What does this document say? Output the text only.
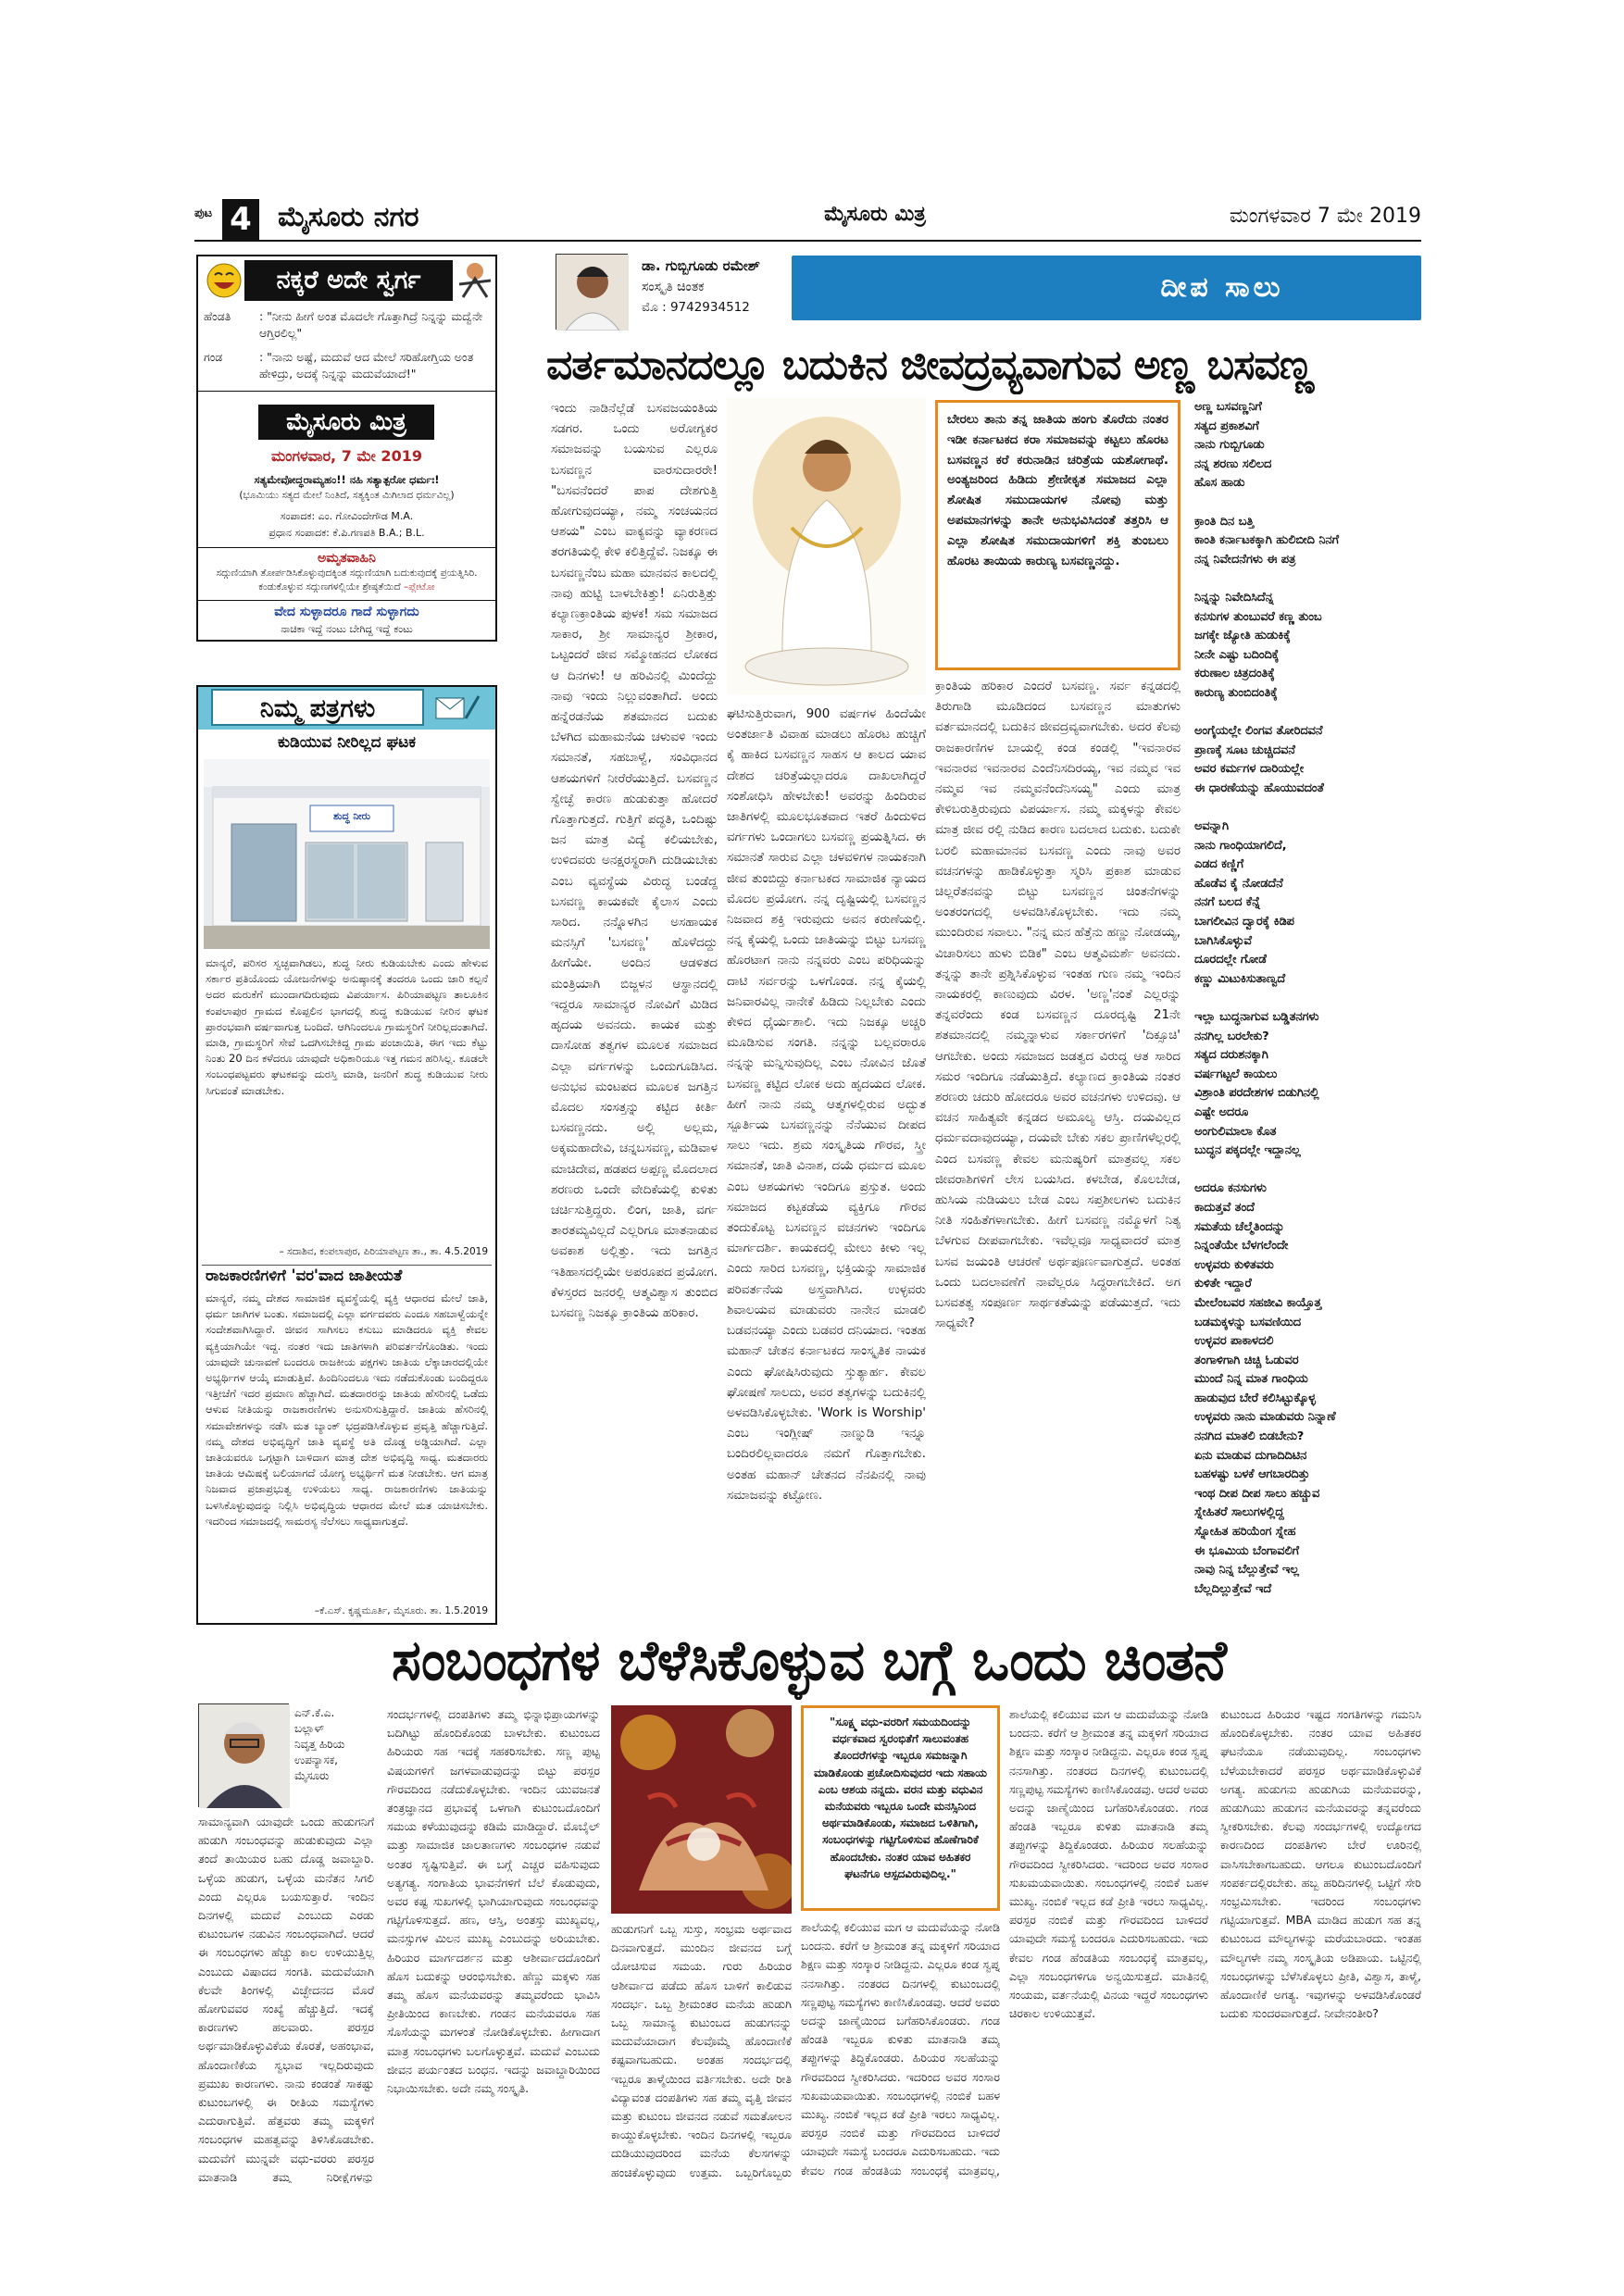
ಪುಟ 4 ಮೈಸೂರು ನಗರ	ಮೈಸೂರು ಮಿತ್ರ	ಮಂಗಳವಾರ 7 ಮೇ 2019
ನಕ್ಕರೆ ಅದೇ ಸ್ವರ್ಗ
ಹೆಂಡತಿ : "ನೀನು ಹೀಗೆ ಅಂತ ಮೊದಲೇ ಗೊತ್ತಾಗಿದ್ರೆ ನಿನ್ನನ್ನು ಮದ್ವೆನೇ ಆಗ್ತಿರಲಿಲ್ಲ"
ಗಂಡ	: "ನಾನು ಅಷ್ಟೆ, ಮದುವೆ ಆದ ಮೇಲೆ ಸರಿಹೋಗ್ತಿಯ ಅಂತ ಹೇಳಿದ್ರು, ಅದಕ್ಕೆ ನಿನ್ನನ್ನು ಮದುವೆಯಾದೆ!"
ಮೈಸೂರು ಮಿತ್ರ
ಮಂಗಳವಾರ, 7 ಮೇ 2019
ಸತ್ಯಮೇವೋದ್ಧರಾಮ್ಯಹಂ!! ನಹಿ ಸತ್ಯಾತ್ಪರೋ ಧರ್ಮಃ!
(ಭೂಮಿಯು ಸತ್ಯದ ಮೇಲೆ ನಿಂತಿದೆ, ಸತ್ಯಕ್ಕಿಂತ ಮಿಗಿಲಾದ ಧರ್ಮವಿಲ್ಲ)
ಸಂಪಾದಕ: ಎಂ. ಗೋವಿಂದೇಗೌಡ M.A.
ಪ್ರಧಾನ ಸಂಪಾದಕ: ಕೆ.ಪಿ.ಗಣಪತಿ B.A.; B.L.
ಅಮೃತವಾಹಿನಿ
ಸದ್ಗುಣಿಯಾಗಿ ತೋರ್ಪಡಿಸಿಕೊಳ್ಳುವುದಕ್ಕಿಂತ ಸದ್ಗುಣಿಯಾಗಿ ಬದುಕುವುದಕ್ಕೆ ಪ್ರಯತ್ನಿಸಿರಿ. ಕಂಡುಕೊಳ್ಳುವ ಸದ್ಗುಣಗಳಲ್ಲಿಯೇ ಶ್ರೇಷ್ಠತೆಯಿದೆ –ಪ್ಲೇಟೋ
ವೇದ ಸುಳ್ಳಾದರೂ ಗಾದೆ ಸುಳ್ಳಾಗದು
ನಾಚಿಕಾ ಇದ್ದೆ ನಂಟು ಬೇಗಿದ್ದ ಇದ್ದೆ ಕಂಟು
ನಿಮ್ಮ ಪತ್ರಗಳು
ಕುಡಿಯುವ ನೀರಿಲ್ಲದ ಘಟಕ
ಶುದ್ಧ ನೀರು
ಮಾನ್ಯರೆ, ಪರಿಸರ ಸ್ವಚ್ಛವಾಗಿಡಲು, ಶುದ್ಧ ನೀರು ಕುಡಿಯಬೇಕು ಎಂದು ಹೇಳುವ ಸರ್ಕಾರ ಪ್ರತಿಯೊಂದು ಯೋಜನೆಗಳನ್ನು ಅನುಷ್ಠಾನಕ್ಕೆ ತಂದರೂ ಒಂದು ಜಾರಿ ಕಲ್ಪನೆ ಅದರ ಮರುಕೆಗೆ ಮುಂದಾಗದಿರುವುದು ವಿಪರ್ಯಾಸ. ಪಿರಿಯಾಪಟ್ಟಣ ತಾಲೂಕಿನ ಕಂಪಲಾಪುರ ಗ್ರಾಮದ ಕೊಪ್ಪಲಿನ ಭಾಗದಲ್ಲಿ ಶುದ್ಧ ಕುಡಿಯುವ ನೀರಿನ ಘಟಕ ಪ್ರಾರಂಭವಾಗಿ ವರ್ಷವಾಗುತ್ತ ಬಂದಿದೆ. ಆಗಿನಿಂದಲೂ ಗ್ರಾಮಸ್ಥರಿಗೆ ನೀರಿಲ್ಲದಂತಾಗಿದೆ. ಮಾಡಿ, ಗ್ರಾಮಸ್ಥರಿಗೆ ಸೇವೆ ಒದಗಿಸಬೇಕಿದ್ದ ಗ್ರಾಮ ಪಂಚಾಯಿತಿ, ಈಗ ಇದು ಕೆಟ್ಟು ನಿಂತು 20 ದಿನ ಕಳೆದರೂ ಯಾವುದೇ ಅಧಿಕಾರಿಯೂ ಇತ್ತ ಗಮನ ಹರಿಸಿಲ್ಲ. ಕೂಡಲೇ ಸಂಬಂಧಪಟ್ಟವರು ಘಟಕವನ್ನು ದುರಸ್ತಿ ಮಾಡಿ, ಜನರಿಗೆ ಶುದ್ಧ ಕುಡಿಯುವ ನೀರು ಸಿಗುವಂತೆ ಮಾಡಬೇಕು.
– ಸದಾಶಿವ, ಕಂಪಲಾಪುರ, ಪಿರಿಯಾಪಟ್ಟಣ ತಾ., ತಾ. 4.5.2019
ರಾಜಕಾರಣಿಗಳಿಗೆ 'ವರ'ವಾದ ಜಾತೀಯತೆ
ಮಾನ್ಯರೆ, ನಮ್ಮ ದೇಶದ ಸಾಮಾಜಿಕ ವ್ಯವಸ್ಥೆಯಲ್ಲಿ ವ್ಯಕ್ತಿ ಆಧಾರದ ಮೇಲೆ ಜಾತಿ, ಧರ್ಮ ಜಾಗಿಗಳ ಬಂತು. ಸಮಾಜದಲ್ಲಿ ಎಲ್ಲಾ ವರ್ಗದವರು ಎಂದೂ ಸಹಬಾಳ್ವೆಯನ್ನೇ ಸಂದೇಶವಾಗಿಸಿದ್ದಾರೆ. ಜೀವನ ಸಾಗಿಸಲು ಕಸುಬು ಮಾಡಿದರೂ ವ್ಯಕ್ತಿ ಕೇವಲ ವ್ಯಕ್ತಿಯಾಗಿಯೇ ಇದ್ದ. ನಂತರ ಇದು ಜಾತಿಗಳಾಗಿ ಪರಿವರ್ತನೆಗೊಂಡಿತು. ಇಂದು ಯಾವುದೇ ಚುನಾವಣೆ ಬಂದರೂ ರಾಜಕೀಯ ಪಕ್ಷಗಳು ಜಾತಿಯ ಲೆಕ್ಕಾಚಾರದಲ್ಲಿಯೇ ಅಭ್ಯರ್ಥಿಗಳ ಆಯ್ಕೆ ಮಾಡುತ್ತಿವೆ. ಹಿಂದಿನಿಂದಲೂ ಇದು ನಡೆದುಕೊಂಡು ಬಂದಿದ್ದರೂ ಇತ್ತೀಚೆಗೆ ಇದರ ಪ್ರಮಾಣ ಹೆಚ್ಚಾಗಿದೆ. ಮತದಾರರನ್ನು ಜಾತಿಯ ಹೆಸರಿನಲ್ಲಿ ಒಡೆದು ಆಳುವ ನೀತಿಯನ್ನು ರಾಜಕಾರಣಿಗಳು ಅನುಸರಿಸುತ್ತಿದ್ದಾರೆ. ಜಾತಿಯ ಹೆಸರಿನಲ್ಲಿ ಸಮಾವೇಶಗಳನ್ನು ನಡೆಸಿ ಮತ ಬ್ಯಾಂಕ್ ಭದ್ರಪಡಿಸಿಕೊಳ್ಳುವ ಪ್ರವೃತ್ತಿ ಹೆಚ್ಚಾಗುತ್ತಿದೆ. ನಮ್ಮ ದೇಶದ ಅಭಿವೃದ್ಧಿಗೆ ಜಾತಿ ವ್ಯವಸ್ಥೆ ಅತಿ ದೊಡ್ಡ ಅಡ್ಡಿಯಾಗಿದೆ. ಎಲ್ಲಾ ಜಾತಿಯವರೂ ಒಗ್ಗಟ್ಟಾಗಿ ಬಾಳಿದಾಗ ಮಾತ್ರ ದೇಶ ಅಭಿವೃದ್ಧಿ ಸಾಧ್ಯ. ಮತದಾರರು ಜಾತಿಯ ಆಮಿಷಕ್ಕೆ ಬಲಿಯಾಗದೆ ಯೋಗ್ಯ ಅಭ್ಯರ್ಥಿಗೆ ಮತ ನೀಡಬೇಕು. ಆಗ ಮಾತ್ರ ನಿಜವಾದ ಪ್ರಜಾಪ್ರಭುತ್ವ ಉಳಿಯಲು ಸಾಧ್ಯ. ರಾಜಕಾರಣಿಗಳು ಜಾತಿಯನ್ನು ಬಳಸಿಕೊಳ್ಳುವುದನ್ನು ನಿಲ್ಲಿಸಿ ಅಭಿವೃದ್ಧಿಯ ಆಧಾರದ ಮೇಲೆ ಮತ ಯಾಚಿಸಬೇಕು. ಇದರಿಂದ ಸಮಾಜದಲ್ಲಿ ಸಾಮರಸ್ಯ ನೆಲೆಸಲು ಸಾಧ್ಯವಾಗುತ್ತದೆ.
–ಕೆ.ಎಸ್. ಕೃಷ್ಣಮೂರ್ತಿ, ಮೈಸೂರು. ತಾ. 1.5.2019
ಡಾ. ಗುಬ್ಬಿಗೂಡು ರಮೇಶ್
ಸಂಸ್ಕೃತಿ ಚಿಂತಕ
ಮೊ : 9742934512
ದೀಪ ಸಾಲು
ವರ್ತಮಾನದಲ್ಲೂ ಬದುಕಿನ ಜೀವದ್ರವ್ಯವಾಗುವ ಅಣ್ಣ ಬಸವಣ್ಣ
ಇಂದು ನಾಡಿನೆಲ್ಲೆಡೆ ಬಸವಜಯಂತಿಯ ಸಡಗರ. ಒಂದು ಅರೋಗ್ಯಕರ ಸಮಾಜವನ್ನು ಬಯಸುವ ಎಲ್ಲರೂ ಬಸವಣ್ಣನ ವಾರಸುದಾರರೇ! "ಬಸವನೆಂದರೆ ಪಾಪ ದೇಶಗುತ್ತಿ ಹೋಗುವುದಯ್ಯಾ, ನಮ್ಮ ಸಂಚಯನದ ಆಶಯ" ಎಂಬ ವಾಕ್ಯವನ್ನು ವ್ಯಾಕರಣದ ತರಗತಿಯಲ್ಲಿ ಕೇಳಿ ಕಲಿತ್ತಿದ್ದೆವೆ. ನಿಜಕ್ಕೂ ಈ ಬಸವಣ್ಣನೆಂಬ ಮಹಾ ಮಾನವನ ಕಾಲದಲ್ಲಿ ನಾವು ಹುಟ್ಟಿ ಬಾಳಬೇಕಿತ್ತು! ಏನಿರುತ್ತಿತ್ತು ಕಲ್ಯಾಣಕ್ರಾಂತಿಯ ಪುಳಕ! ಸಮ ಸಮಾಜದ ಸಾಕಾರ, ಶ್ರೀ ಸಾಮಾನ್ಯರ ಶ್ರೀಕಾರ, ಒಟ್ಟಂದರೆ ಜೀವ ಸಮ್ಮೋಹನದ ಲೋಕದ ಆ ದಿನಗಳು! ಆ ಹರಿವಿನಲ್ಲಿ ಮಿಂದೆದ್ದು ನಾವು ಇಂದು ನಿಲ್ಲುವಂತಾಗಿದೆ. ಅಂದು ಹನ್ನೆರಡನೆಯ ಶತಮಾನದ ಬದುಕು ಬೆಳಗಿದ ಮಹಾಮನೆಯ ಚಳುವಳಿ ಇಂದು ಸಮಾನತೆ, ಸಹಬಾಳ್ವೆ, ಸಂವಿಧಾನದ ಆಶಯಗಳಿಗೆ ನೀರೆರೆಯುತ್ತಿದೆ. ಬಸವಣ್ಣನ ಸ್ವೇಚ್ಛೆ ಕಾರಣ ಹುಡುಕುತ್ತಾ ಹೋದರೆ ಗೊತ್ತಾಗುತ್ತದೆ. ಗುತ್ತಿಗೆ ಪದ್ಧತಿ, ಒಂದಿಷ್ಟು ಜನ ಮಾತ್ರ ವಿದ್ಯೆ ಕಲಿಯಬೇಕು, ಉಳಿದವರು ಅನಕ್ಷರಸ್ಥರಾಗಿ ದುಡಿಯಬೇಕು ಎಂಬ ವ್ಯವಸ್ಥೆಯ ವಿರುದ್ಧ ಬಂಡೆದ್ದ ಬಸವಣ್ಣ ಕಾಯಕವೇ ಕೈಲಾಸ ಎಂದು ಸಾರಿದ. ನನ್ನೊಳಗಿನ ಅಸಹಾಯಕ ಮನಸ್ಸಿಗೆ 'ಬಸವಣ್ಣ' ಹೊಳೆದದ್ದು ಹೀಗೆಯೇ. ಅಂದಿನ ಆಡಳಿತದ ಮಂತ್ರಿಯಾಗಿ ಬಿಜ್ಜಳನ ಆಸ್ಥಾನದಲ್ಲಿ ಇದ್ದರೂ ಸಾಮಾನ್ಯರ ನೋವಿಗೆ ಮಿಡಿದ ಹೃದಯ ಅವನದು. ಕಾಯಕ ಮತ್ತು ದಾಸೋಹ ತತ್ವಗಳ ಮೂಲಕ ಸಮಾಜದ ಎಲ್ಲಾ ವರ್ಗಗಳನ್ನು ಒಂದುಗೂಡಿಸಿದ. ಅನುಭವ ಮಂಟಪದ ಮೂಲಕ ಜಗತ್ತಿನ ಮೊದಲ ಸಂಸತ್ತನ್ನು ಕಟ್ಟಿದ ಕೀರ್ತಿ ಬಸವಣ್ಣನದು. ಅಲ್ಲಿ ಅಲ್ಲಮ, ಅಕ್ಕಮಹಾದೇವಿ, ಚನ್ನಬಸವಣ್ಣ, ಮಡಿವಾಳ ಮಾಚಿದೇವ, ಹಡಪದ ಅಪ್ಪಣ್ಣ ಮೊದಲಾದ ಶರಣರು ಒಂದೇ ವೇದಿಕೆಯಲ್ಲಿ ಕುಳಿತು ಚರ್ಚಿಸುತ್ತಿದ್ದರು. ಲಿಂಗ, ಜಾತಿ, ವರ್ಗ ತಾರತಮ್ಯವಿಲ್ಲದೆ ಎಲ್ಲರಿಗೂ ಮಾತನಾಡುವ ಅವಕಾಶ ಅಲ್ಲಿತ್ತು. ಇದು ಜಗತ್ತಿನ ಇತಿಹಾಸದಲ್ಲಿಯೇ ಅಪರೂಪದ ಪ್ರಯೋಗ. ಕೆಳಸ್ತರದ ಜನರಲ್ಲಿ ಆತ್ಮವಿಶ್ವಾಸ ತುಂಬಿದ ಬಸವಣ್ಣ ನಿಜಕ್ಕೂ ಕ್ರಾಂತಿಯ ಹರಿಕಾರ.
ಘಟಿಸುತ್ತಿರುವಾಗ, 900 ವರ್ಷಗಳ ಹಿಂದೆಯೇ ಅಂತರ್ಜಾತಿ ವಿವಾಹ ಮಾಡಲು ಹೊರಟ ಹುಚ್ಚಿಗೆ ಕೈ ಹಾಕಿದ ಬಸವಣ್ಣನ ಸಾಹಸ ಆ ಕಾಲದ ಯಾವ ದೇಶದ ಚರಿತ್ರೆಯಲ್ಲಾದರೂ ದಾಖಲಾಗಿದ್ದರೆ ಸಂಶೋಧಿಸಿ ಹೇಳಬೇಕು! ಅವರನ್ನು ಹಿಂದಿರುವ ಜಾತಿಗಳಲ್ಲಿ ಮೂಲಭೂತವಾದ ಇತರೆ ಹಿಂದುಳಿದ ವರ್ಗಗಳು ಒಂದಾಗಲು ಬಸವಣ್ಣ ಪ್ರಯತ್ನಿಸಿದ. ಈ ಸಮಾನತೆ ಸಾರುವ ಎಲ್ಲಾ ಚಳವಳಿಗಳ ನಾಯಕನಾಗಿ ಜೀವ ತುಂಬಿದ್ದು ಕರ್ನಾಟಕದ ಸಾಮಾಜಿಕ ನ್ಯಾಯದ ಮೊದಲ ಪ್ರಯೋಗ. ನನ್ನ ದೃಷ್ಟಿಯಲ್ಲಿ ಬಸವಣ್ಣನ ನಿಜವಾದ ಶಕ್ತಿ ಇರುವುದು ಅವನ ಕರುಣೆಯಲ್ಲಿ. ನನ್ನ ಕೈಯಲ್ಲಿ ಒಂದು ಜಾತಿಯನ್ನು ಬಿಟ್ಟು ಬಸವಣ್ಣ ಹೊರಟಾಗ ನಾನು ನನ್ನವರು ಎಂಬ ಪರಿಧಿಯನ್ನು ದಾಟಿ ಸರ್ವರನ್ನು ಒಳಗೊಂಡ. ನನ್ನ ಕೈಯಲ್ಲಿ ಜನಿವಾರವಿಲ್ಲ ನಾನೇಕೆ ಹಿಡಿದು ನಿಲ್ಲಬೇಕು ಎಂದು ಕೇಳಿದ ಧೈರ್ಯಶಾಲಿ. ಇದು ನಿಜಕ್ಕೂ ಅಚ್ಚರಿ ಮೂಡಿಸುವ ಸಂಗತಿ. ನನ್ನನ್ನು ಬಲ್ಲವರಾರೂ ನನ್ನನ್ನು ಮನ್ನಿಸುವುದಿಲ್ಲ ಎಂಬ ನೋವಿನ ಜೊತೆ ಬಸವಣ್ಣ ಕಟ್ಟಿದ ಲೋಕ ಅದು ಹೃದಯದ ಲೋಕ. ಹೀಗೆ ನಾನು ನಮ್ಮ ಆತ್ಮಗಳಲ್ಲಿರುವ ಅದ್ಭುತ ಸ್ಪೂರ್ತಿಯ ಬಸವಣ್ಣನನ್ನು ನೆನೆಯುವ ದೀಪದ ಸಾಲು ಇದು. ಶ್ರಮ ಸಂಸ್ಕೃತಿಯ ಗೌರವ, ಸ್ತ್ರೀ ಸಮಾನತೆ, ಜಾತಿ ವಿನಾಶ, ದಯೆ ಧರ್ಮದ ಮೂಲ ಎಂಬ ಆಶಯಗಳು ಇಂದಿಗೂ ಪ್ರಸ್ತುತ. ಅಂದು ಸಮಾಜದ ಕಟ್ಟಕಡೆಯ ವ್ಯಕ್ತಿಗೂ ಗೌರವ ತಂದುಕೊಟ್ಟ ಬಸವಣ್ಣನ ವಚನಗಳು ಇಂದಿಗೂ ಮಾರ್ಗದರ್ಶಿ. ಕಾಯಕದಲ್ಲಿ ಮೇಲು ಕೀಳು ಇಲ್ಲ ಎಂದು ಸಾರಿದ ಬಸವಣ್ಣ, ಭಕ್ತಿಯನ್ನು ಸಾಮಾಜಿಕ ಪರಿವರ್ತನೆಯ ಅಸ್ತ್ರವಾಗಿಸಿದ. ಉಳ್ಳವರು ಶಿವಾಲಯವ ಮಾಡುವರು ನಾನೇನ ಮಾಡಲಿ ಬಡವನಯ್ಯಾ ಎಂದು ಬಡವರ ದನಿಯಾದ. ಇಂತಹ ಮಹಾನ್ ಚೇತನ ಕರ್ನಾಟಕದ ಸಾಂಸ್ಕೃತಿಕ ನಾಯಕ ಎಂದು ಘೋಷಿಸಿರುವುದು ಸ್ತುತ್ಯಾರ್ಹ. ಕೇವಲ ಘೋಷಣೆ ಸಾಲದು, ಅವರ ತತ್ವಗಳನ್ನು ಬದುಕಿನಲ್ಲಿ ಅಳವಡಿಸಿಕೊಳ್ಳಬೇಕು. 'Work is Worship' ಎಂಬ ಇಂಗ್ಲೀಷ್ ನಾಣ್ನುಡಿ ಇನ್ನೂ ಬಂದಿರಲಿಲ್ಲವಾದರೂ ನಮಗೆ ಗೊತ್ತಾಗಬೇಕು. ಅಂತಹ ಮಹಾನ್ ಚೇತನದ ನೆನಪಿನಲ್ಲಿ ನಾವು ಸಮಾಜವನ್ನು ಕಟ್ಟೋಣ.
ಬೇರಲು ತಾನು ತನ್ನ ಜಾತಿಯ ಹಂಗು ತೊರೆದು ನಂತರ ಇಡೀ ಕರ್ನಾಟಕದ ಕರಾ ಸಮಾಜವನ್ನು ಕಟ್ಟಲು ಹೊರಟ ಬಸವಣ್ಣನ ಕರೆ ಕರುನಾಡಿನ ಚರಿತ್ರೆಯ ಯಶೋಗಾಥೆ. ಅಂತ್ಯಜರಿಂದ ಹಿಡಿದು ಶ್ರೇಣೀಕೃತ ಸಮಾಜದ ಎಲ್ಲಾ ಶೋಷಿತ ಸಮುದಾಯಗಳ ನೋವು ಮತ್ತು ಅಪಮಾನಗಳನ್ನು ತಾನೇ ಅನುಭವಿಸಿದಂತೆ ತತ್ತರಿಸಿ ಆ ಎಲ್ಲಾ ಶೋಷಿತ ಸಮುದಾಯಗಳಿಗೆ ಶಕ್ತಿ ತುಂಬಲು ಹೊರಟ ತಾಯಿಯ ಕಾರುಣ್ಯ ಬಸವಣ್ಣನದ್ದು.
ಕ್ರಾಂತಿಯ ಹರಿಕಾರ ಎಂದರೆ ಬಸವಣ್ಣ. ಸರ್ವ ಕನ್ನಡದಲ್ಲಿ ತಿರುಗಾಡಿ ಮೂಡಿದಂದ ಬಸವಣ್ಣನ ಮಾತುಗಳು ವರ್ತಮಾನದಲ್ಲಿ ಬದುಕಿನ ಜೀವದ್ರವ್ಯವಾಗಬೇಕು. ಅದರ ಕೆಲವು ರಾಜಕಾರಣಿಗಳ ಬಾಯಲ್ಲಿ ಕಂಡ ಕಂಡಲ್ಲಿ "ಇವನಾರವ ಇವನಾರವ ಇವನಾರವ ಎಂದೆನಿಸದಿರಯ್ಯ, ಇವ ನಮ್ಮವ ಇವ ನಮ್ಮವ ಇವ ನಮ್ಮವನೆಂದೆನಿಸಯ್ಯ" ಎಂದು ಮಾತ್ರ ಕೇಳಿಬರುತ್ತಿರುವುದು ವಿಪರ್ಯಾಸ. ನಮ್ಮ ಮಕ್ಕಳನ್ನು ಕೇವಲ ಮಾತ್ರ ಜೀವ ರಲ್ಲಿ ನುಡಿದ ಕಾರಣ ಬದಲಾದ ಬದುಕು. ಬದುಕೇ ಬರಲಿ ಮಹಾಮಾನವ ಬಸವಣ್ಣ ಎಂದು ನಾವು ಅವರ ವಚನಗಳನ್ನು ಹಾಡಿಕೊಳ್ಳುತ್ತಾ ಸ್ಮರಿಸಿ ಪ್ರಕಾಶ ಮಾಡುವ ಚಿಲ್ಲರೆತನವನ್ನು ಬಿಟ್ಟು ಬಸವಣ್ಣನ ಚಿಂತನೆಗಳನ್ನು ಅಂತರಂಗದಲ್ಲಿ ಅಳವಡಿಸಿಕೊಳ್ಳಬೇಕು. ಇದು ನಮ್ಮ ಮುಂದಿರುವ ಸವಾಲು. "ನನ್ನ ಮನ ಹೆತ್ತೆನು ಹಣ್ಣು ನೋಡಯ್ಯ, ವಿಚಾರಿಸಲು ಹುಳು ಬಿಡಿಕ" ಎಂಬ ಆತ್ಮವಿಮರ್ಶೆ ಅವನದು. ತನ್ನನ್ನು ತಾನೇ ಪ್ರಶ್ನಿಸಿಕೊಳ್ಳುವ ಇಂತಹ ಗುಣ ನಮ್ಮ ಇಂದಿನ ನಾಯಕರಲ್ಲಿ ಕಾಣುವುದು ವಿರಳ. 'ಅಣ್ಣ'ನಂತೆ ಎಲ್ಲರನ್ನು ತನ್ನವರೆಂದು ಕಂಡ ಬಸವಣ್ಣನ ದೂರದೃಷ್ಟಿ 21ನೇ ಶತಮಾನದಲ್ಲಿ ನಮ್ಮನ್ನಾಳುವ ಸರ್ಕಾರಗಳಿಗೆ 'ದಿಕ್ಸೂಚಿ' ಆಗಬೇಕು. ಅಂದು ಸಮಾಜದ ಜಡತ್ವದ ವಿರುದ್ಧ ಆತ ಸಾರಿದ ಸಮರ ಇಂದಿಗೂ ನಡೆಯುತ್ತಿದೆ. ಕಲ್ಯಾಣದ ಕ್ರಾಂತಿಯ ನಂತರ ಶರಣರು ಚದುರಿ ಹೋದರೂ ಅವರ ವಚನಗಳು ಉಳಿದವು. ಆ ವಚನ ಸಾಹಿತ್ಯವೇ ಕನ್ನಡದ ಅಮೂಲ್ಯ ಆಸ್ತಿ. ದಯವಿಲ್ಲದ ಧರ್ಮವದಾವುದಯ್ಯಾ, ದಯವೇ ಬೇಕು ಸಕಲ ಪ್ರಾಣಿಗಳೆಲ್ಲರಲ್ಲಿ ಎಂದ ಬಸವಣ್ಣ ಕೇವಲ ಮನುಷ್ಯರಿಗೆ ಮಾತ್ರವಲ್ಲ ಸಕಲ ಜೀವರಾಶಿಗಳಿಗೆ ಲೇಸ ಬಯಸಿದ. ಕಳಬೇಡ, ಕೊಲಬೇಡ, ಹುಸಿಯ ನುಡಿಯಲು ಬೇಡ ಎಂಬ ಸಪ್ತಶೀಲಗಳು ಬದುಕಿನ ನೀತಿ ಸಂಹಿತೆಗಳಾಗಬೇಕು. ಹೀಗೆ ಬಸವಣ್ಣ ನಮ್ಮೊಳಗೆ ನಿತ್ಯ ಬೆಳಗುವ ದೀಪವಾಗಬೇಕು. ಇವೆಲ್ಲವೂ ಸಾಧ್ಯವಾದರೆ ಮಾತ್ರ ಬಸವ ಜಯಂತಿ ಆಚರಣೆ ಅರ್ಥಪೂರ್ಣವಾಗುತ್ತದೆ. ಅಂತಹ ಒಂದು ಬದಲಾವಣೆಗೆ ನಾವೆಲ್ಲರೂ ಸಿದ್ಧರಾಗಬೇಕಿದೆ. ಅಗ ಬಸವತತ್ವ ಸಂಪೂರ್ಣ ಸಾರ್ಥಕತೆಯನ್ನು ಪಡೆಯುತ್ತದೆ. ಇದು ಸಾಧ್ಯವೇ?
ಅಣ್ಣ ಬಸವಣ್ಣನಿಗೆ
ಸತ್ಯದ ಪ್ರಕಾಶವಿಗೆ
ನಾನು ಗುಬ್ಬಿಗೂಡು
ನನ್ನ ಶರಣು ಸಲಿಲದ
ಹೊಸ ಹಾಡು

ಕ್ರಾಂತಿ ದಿನ ಬತ್ತಿ
ಕಾಂತಿ ಕರ್ನಾಟಕಕ್ಕಾಗಿ ಹುಲಿಬೀದಿ ನಿನಗೆ
ನನ್ನ ನಿವೇದನೆಗಳು ಈ ಪತ್ರ

ನಿನ್ನನ್ನು ನಿವೇದಿಸಿದೆನ್ನ
ಕನಸುಗಳ ತುಂಬುವರೆ ಕಣ್ಣ ತುಂಬ
ಜಗಕ್ಕೇ ಜ್ಯೋತಿ ಹುಡುಕಿಕ್ಕೆ
ನೀನೇ ಎಷ್ಟು ಬದಿಂದಿಕ್ಕೆ
ಕರುಣಾಲ ಚಿತ್ರದಂತಿಕ್ಕೆ
ಕಾರುಣ್ಯ ತುಂಬಿದಂತಿಕ್ಕೆ

ಅಂಗೈಯಲ್ಲೇ ಲಿಂಗವ ತೋರಿದವನೆ
ಪ್ರಾಣಕ್ಕೆ ಸೂಟ ಚುಚ್ಚಿದವನೆ
ಅವರ ಕರ್ಮಗಳ ದಾರಿಯಲ್ಲೇ
ಈ ಧಾರಣೆಯನ್ನು ಹೊಯುವದಂತೆ

ಅವನ್ನಾಗಿ
ನಾನು ಗಾಂಧಿಯಾಗಲಿದೆ,
ಎಡದ ಕಣ್ಣಿಗೆ
ಹೊಡೆವ ಕೈ ನೋಡದೆನೆ
ನನಗೆ ಬಲದ ಕೆನ್ನೆ
ಬಾಗಲೀವಿನ ದ್ವಾರಕ್ಕೆ ಕಿಡಿಪ
ಬಾಗಿಸಿಕೊಳ್ಳುವೆ
ದೂರದಲ್ಲೇ ಗೋಡೆ
ಕಣ್ಣು ಮಿಟುಕಿಸುತಾಣ್ವದೆ

ಇಲ್ಲಾ ಬುದ್ಧನಾಗುವ ಬಡ್ಡಿತನಗಳು
ನನಗಿಲ್ಲ ಬರಲೇಕು?
ಸತ್ಯದ ದರುಶನಕ್ಕಾಗಿ
ವರ್ಷಗಟ್ಟಲೆ ಕಾಯಲು
ವಿಶ್ರಾಂತಿ ಪರದೇಶಗಳ ಬಿಡುಗಿನಲ್ಲಿ
ಎಷ್ಟೇ ಅದರೂ
ಅಂಗುಲಿಮಾಲಾ ಕೊತ
ಬುದ್ಧನ ಪಕ್ಕದಲ್ಲೇ ಇದ್ದಾನಲ್ಲ

ಅದರೂ ಕನಸುಗಳು
ಕಾದುತ್ತವೆ ತಂದೆ
ಸಮತೆಯ ಚೆಲ್ಮೆತಿಂದನ್ನು
ನಿನ್ನಂತೆಯೇ ಬೆಳಗಲೆಂದೇ
ಉಳ್ಳವರು ಕುಳಿತವರು
ಕುಳಿತೇ ಇದ್ದಾರೆ
ಮೇಲೆಂಬವರ ಸಹಜೀವಿ ಕಾಯ್ತೊತ್ತ
ಬಡಮಕ್ಕಳನ್ನು ಬಸವಣಿಯಿದ
ಉಳ್ಳವರ ಪಾಕಾಳದಲಿ
ತಂಗಾಳಿಗಾಗಿ ಚಿಚ್ಚಿ ಓಡುವರ
ಮುಂದೆ ನಿನ್ನ ಮಾತ ಗಾಂಧಿಯ
ಹಾಡುವುದ ಬೇರೆ ಕಲಿಸಿಟ್ಟುಕ್ಕೊಳ್ಳ
ಉಳ್ಳವರು ನಾನು ಮಾಡುವರು ನಿನ್ನಾಣೆ
ನನಗಿದ ಮಾತಲಿ ಬಿಡಬೇನು?
ಏನು ಮಾಡುವ ದುಗಾದಿದಿಟಿನ
ಬಹಳಷ್ಟು ಬಳಕೆ ಆಗಬಾರದಿತ್ತು
ಇಂಥ ದೀಪ ದೀಪ ಸಾಲು ಹಚ್ಚುವ
ಸ್ನೇಹಿತರೆ ಸಾಲುಗಳಲ್ಲಿದ್ದ
ಸ್ನೋಹಿತ ಹರಿಯೆಂಗ ಸ್ನೇಹ
ಈ ಭೂಮಿಯ ಬೆಂಗಾವಲಿಗೆ
ನಾವು ನಿನ್ನ ಬೆಲ್ಲುತ್ತೇವೆ ಇಲ್ಲ
ಬೆಲ್ಲದಿಲ್ಲುತ್ತೇವೆ ಇದೆ

ಸಂಬಂಧಗಳ ಬೆಳೆಸಿಕೊಳ್ಳುವ ಬಗ್ಗೆ ಒಂದು ಚಿಂತನೆ
ಎನ್.ಕೆ.ಎ.
ಬಲ್ಲಾಳ್
ನಿವೃತ್ತ ಹಿರಿಯ
ಉಪನ್ಯಾಸಕ,
ಮೈಸೂರು
ಸಾಮಾನ್ಯವಾಗಿ ಯಾವುದೇ ಒಂದು ಹುಡುಗನಿಗೆ ಹುಡುಗಿ ಸಂಬಂಧವನ್ನು ಹುಡುಕುವುದು ಎಲ್ಲಾ ತಂದೆ ತಾಯಿಯರ ಬಹು ದೊಡ್ಡ ಜವಾಬ್ದಾರಿ. ಒಳ್ಳೆಯ ಹುಡುಗ, ಒಳ್ಳೆಯ ಮನೆತನ ಸಿಗಲಿ ಎಂದು ಎಲ್ಲರೂ ಬಯಸುತ್ತಾರೆ. ಇಂದಿನ ದಿನಗಳಲ್ಲಿ ಮದುವೆ ಎಂಬುದು ಎರಡು ಕುಟುಂಬಗಳ ನಡುವಿನ ಸಂಬಂಧವಾಗಿದೆ. ಆದರೆ ಈ ಸಂಬಂಧಗಳು ಹೆಚ್ಚು ಕಾಲ ಉಳಿಯುತ್ತಿಲ್ಲ ಎಂಬುದು ವಿಷಾದದ ಸಂಗತಿ. ಮದುವೆಯಾಗಿ ಕೆಲವೇ ತಿಂಗಳಲ್ಲಿ ವಿಚ್ಛೇದನದ ಮೊರೆ ಹೋಗುವವರ ಸಂಖ್ಯೆ ಹೆಚ್ಚುತ್ತಿದೆ. ಇದಕ್ಕೆ ಕಾರಣಗಳು ಹಲವಾರು. ಪರಸ್ಪರ ಅರ್ಥಮಾಡಿಕೊಳ್ಳುವಿಕೆಯ ಕೊರತೆ, ಅಹಂಭಾವ, ಹೊಂದಾಣಿಕೆಯ ಸ್ವಭಾವ ಇಲ್ಲದಿರುವುದು ಪ್ರಮುಖ ಕಾರಣಗಳು. ನಾನು ಕಂಡಂತೆ ಸಾಕಷ್ಟು ಕುಟುಂಬಗಳಲ್ಲಿ ಈ ರೀತಿಯ ಸಮಸ್ಯೆಗಳು ಎದುರಾಗುತ್ತಿವೆ. ಹೆತ್ತವರು ತಮ್ಮ ಮಕ್ಕಳಿಗೆ ಸಂಬಂಧಗಳ ಮಹತ್ವವನ್ನು ತಿಳಿಸಿಕೊಡಬೇಕು. ಮದುವೆಗೆ ಮುನ್ನವೇ ವಧು-ವರರು ಪರಸ್ಪರ ಮಾತನಾಡಿ ತಮ್ಮ ನಿರೀಕ್ಷೆಗಳನ್ನು
ಸಂದರ್ಭಗಳಲ್ಲಿ ದಂಪತಿಗಳು ತಮ್ಮ ಭಿನ್ನಾಭಿಪ್ರಾಯಗಳನ್ನು ಬದಿಗಿಟ್ಟು ಹೊಂದಿಕೊಂಡು ಬಾಳಬೇಕು. ಕುಟುಂಬದ ಹಿರಿಯರು ಸಹ ಇದಕ್ಕೆ ಸಹಕರಿಸಬೇಕು. ಸಣ್ಣ ಪುಟ್ಟ ವಿಷಯಗಳಿಗೆ ಜಗಳವಾಡುವುದನ್ನು ಬಿಟ್ಟು ಪರಸ್ಪರ ಗೌರವದಿಂದ ನಡೆದುಕೊಳ್ಳಬೇಕು. ಇಂದಿನ ಯುವಜನತೆ ತಂತ್ರಜ್ಞಾನದ ಪ್ರಭಾವಕ್ಕೆ ಒಳಗಾಗಿ ಕುಟುಂಬದೊಂದಿಗೆ ಸಮಯ ಕಳೆಯುವುದನ್ನು ಕಡಿಮೆ ಮಾಡಿದ್ದಾರೆ. ಮೊಬೈಲ್ ಮತ್ತು ಸಾಮಾಜಿಕ ಜಾಲತಾಣಗಳು ಸಂಬಂಧಗಳ ನಡುವೆ ಅಂತರ ಸೃಷ್ಟಿಸುತ್ತಿವೆ. ಈ ಬಗ್ಗೆ ಎಚ್ಚರ ವಹಿಸುವುದು ಅತ್ಯಗತ್ಯ. ಸಂಗಾತಿಯ ಭಾವನೆಗಳಿಗೆ ಬೆಲೆ ಕೊಡುವುದು, ಅವರ ಕಷ್ಟ ಸುಖಗಳಲ್ಲಿ ಭಾಗಿಯಾಗುವುದು ಸಂಬಂಧವನ್ನು ಗಟ್ಟಿಗೊಳಿಸುತ್ತದೆ. ಹಣ, ಆಸ್ತಿ, ಅಂತಸ್ತು ಮುಖ್ಯವಲ್ಲ, ಮನಸ್ಸುಗಳ ಮಿಲನ ಮುಖ್ಯ ಎಂಬುದನ್ನು ಅರಿಯಬೇಕು. ಹಿರಿಯರ ಮಾರ್ಗದರ್ಶನ ಮತ್ತು ಆಶೀರ್ವಾದದೊಂದಿಗೆ ಹೊಸ ಬದುಕನ್ನು ಆರಂಭಿಸಬೇಕು. ಹೆಣ್ಣು ಮಕ್ಕಳು ಸಹ ತಮ್ಮ ಹೊಸ ಮನೆಯವರನ್ನು ತಮ್ಮವರೆಂದು ಭಾವಿಸಿ ಪ್ರೀತಿಯಿಂದ ಕಾಣಬೇಕು. ಗಂಡನ ಮನೆಯವರೂ ಸಹ ಸೊಸೆಯನ್ನು ಮಗಳಂತೆ ನೋಡಿಕೊಳ್ಳಬೇಕು. ಹೀಗಾದಾಗ ಮಾತ್ರ ಸಂಬಂಧಗಳು ಬಲಗೊಳ್ಳುತ್ತವೆ. ಮದುವೆ ಎಂಬುದು ಜೀವನ ಪರ್ಯಂತದ ಬಂಧನ. ಇದನ್ನು ಜವಾಬ್ದಾರಿಯಿಂದ ನಿಭಾಯಿಸಬೇಕು. ಅದೇ ನಮ್ಮ ಸಂಸ್ಕೃತಿ.
ಹುಡುಗನಿಗೆ ಒಬ್ಬ ಸುಸ್ತು, ಸಂಭ್ರಮ ಅರ್ಥವಾದ ದಿನವಾಗುತ್ತದೆ. ಮುಂದಿನ ಜೀವನದ ಬಗ್ಗೆ ಯೋಚಿಸುವ ಸಮಯ. ಗುರು ಹಿರಿಯರ ಆಶೀರ್ವಾದ ಪಡೆದು ಹೊಸ ಬಾಳಿಗೆ ಕಾಲಿಡುವ ಸಂದರ್ಭ. ಒಬ್ಬ ಶ್ರೀಮಂತರ ಮನೆಯ ಹುಡುಗಿ ಒಬ್ಬ ಸಾಮಾನ್ಯ ಕುಟುಂಬದ ಹುಡುಗನನ್ನು ಮದುವೆಯಾದಾಗ ಕೆಲವೊಮ್ಮೆ ಹೊಂದಾಣಿಕೆ ಕಷ್ಟವಾಗಬಹುದು. ಅಂತಹ ಸಂದರ್ಭದಲ್ಲಿ ಇಬ್ಬರೂ ತಾಳ್ಮೆಯಿಂದ ವರ್ತಿಸಬೇಕು. ಅದೇ ರೀತಿ ವಿದ್ಯಾವಂತ ದಂಪತಿಗಳು ಸಹ ತಮ್ಮ ವೃತ್ತಿ ಜೀವನ ಮತ್ತು ಕುಟುಂಬ ಜೀವನದ ನಡುವೆ ಸಮತೋಲನ ಕಾಯ್ದುಕೊಳ್ಳಬೇಕು. ಇಂದಿನ ದಿನಗಳಲ್ಲಿ ಇಬ್ಬರೂ ದುಡಿಯುವುದರಿಂದ ಮನೆಯ ಕೆಲಸಗಳನ್ನು ಹಂಚಿಕೊಳ್ಳುವುದು ಉತ್ತಮ. ಒಬ್ಬರಿಗೊಬ್ಬರು
"ಸೂಕ್ಷ್ಮ ವಧು-ವರರಿಗೆ ಸಮಯದಿಂದನ್ನು ವರ್ಧಕವಾದ ಸ್ವರಂಭಿತೆಗೆ ಸಾಲುವಂತಹ ತೊಂದರೆಗಳನ್ನು ಇಬ್ಬರೂ ಸಮಜನ್ನಾಗಿ ಮಾಡಿಕೊಂಡು ಪ್ರಚೋದಿಸುವುದರ ಇದು ಸಹಾಯ ಎಂಬ ಆಶಯ ನನ್ನದು. ವರನ ಮತ್ತು ವಧುವಿನ ಮನೆಯವರು ಇಬ್ಬರೂ ಒಂದೇ ಮನಸ್ಸಿನಿಂದ ಅರ್ಥಮಾಡಿಕೊಂಡು, ಸಮಾಜದ ಒಳಿತಿಗಾಗಿ, ಸಂಬಂಧಗಳನ್ನು ಗಟ್ಟಿಗೊಳಿಸುವ ಹೊಣೆಗಾರಿಕೆ ಹೊಂದಬೇಕು. ನಂತರ ಯಾವ ಅಹಿತಕರ ಘಟನೆಗೂ ಆಸ್ಪದವಿರುವುದಿಲ್ಲ."
ಶಾಲೆಯಲ್ಲಿ ಕಲಿಯುವ ಮಗ ಆ ಮದುವೆಯನ್ನು ನೋಡಿ ಬಂದನು. ಕರೆಗೆ ಆ ಶ್ರೀಮಂತ ತನ್ನ ಮಕ್ಕಳಿಗೆ ಸರಿಯಾದ ಶಿಕ್ಷಣ ಮತ್ತು ಸಂಸ್ಕಾರ ನೀಡಿದ್ದನು. ಎಲ್ಲರೂ ಕಂಡ ಸ್ವಪ್ನ ನನಸಾಗಿತ್ತು. ನಂತರದ ದಿನಗಳಲ್ಲಿ ಕುಟುಂಬದಲ್ಲಿ ಸಣ್ಣಪುಟ್ಟ ಸಮಸ್ಯೆಗಳು ಕಾಣಿಸಿಕೊಂಡವು. ಆದರೆ ಅವರು ಅದನ್ನು ಜಾಣ್ಮೆಯಿಂದ ಬಗೆಹರಿಸಿಕೊಂಡರು. ಗಂಡ ಹೆಂಡತಿ ಇಬ್ಬರೂ ಕುಳಿತು ಮಾತನಾಡಿ ತಮ್ಮ ತಪ್ಪುಗಳನ್ನು ತಿದ್ದಿಕೊಂಡರು. ಹಿರಿಯರ ಸಲಹೆಯನ್ನು ಗೌರವದಿಂದ ಸ್ವೀಕರಿಸಿದರು. ಇದರಿಂದ ಅವರ ಸಂಸಾರ ಸುಖಮಯವಾಯಿತು. ಸಂಬಂಧಗಳಲ್ಲಿ ನಂಬಿಕೆ ಬಹಳ ಮುಖ್ಯ. ನಂಬಿಕೆ ಇಲ್ಲದ ಕಡೆ ಪ್ರೀತಿ ಇರಲು ಸಾಧ್ಯವಿಲ್ಲ. ಪರಸ್ಪರ ನಂಬಿಕೆ ಮತ್ತು ಗೌರವದಿಂದ ಬಾಳಿದರೆ ಯಾವುದೇ ಸಮಸ್ಯೆ ಬಂದರೂ ಎದುರಿಸಬಹುದು. ಇದು ಕೇವಲ ಗಂಡ ಹೆಂಡತಿಯ ಸಂಬಂಧಕ್ಕೆ ಮಾತ್ರವಲ್ಲ,
ಶಾಲೆಯಲ್ಲಿ ಕಲಿಯುವ ಮಗ ಆ ಮದುವೆಯನ್ನು ನೋಡಿ ಬಂದನು. ಕರೆಗೆ ಆ ಶ್ರೀಮಂತ ತನ್ನ ಮಕ್ಕಳಿಗೆ ಸರಿಯಾದ ಶಿಕ್ಷಣ ಮತ್ತು ಸಂಸ್ಕಾರ ನೀಡಿದ್ದನು. ಎಲ್ಲರೂ ಕಂಡ ಸ್ವಪ್ನ ನನಸಾಗಿತ್ತು. ನಂತರದ ದಿನಗಳಲ್ಲಿ ಕುಟುಂಬದಲ್ಲಿ ಸಣ್ಣಪುಟ್ಟ ಸಮಸ್ಯೆಗಳು ಕಾಣಿಸಿಕೊಂಡವು. ಆದರೆ ಅವರು ಅದನ್ನು ಜಾಣ್ಮೆಯಿಂದ ಬಗೆಹರಿಸಿಕೊಂಡರು. ಗಂಡ ಹೆಂಡತಿ ಇಬ್ಬರೂ ಕುಳಿತು ಮಾತನಾಡಿ ತಮ್ಮ ತಪ್ಪುಗಳನ್ನು ತಿದ್ದಿಕೊಂಡರು. ಹಿರಿಯರ ಸಲಹೆಯನ್ನು ಗೌರವದಿಂದ ಸ್ವೀಕರಿಸಿದರು. ಇದರಿಂದ ಅವರ ಸಂಸಾರ ಸುಖಮಯವಾಯಿತು. ಸಂಬಂಧಗಳಲ್ಲಿ ನಂಬಿಕೆ ಬಹಳ ಮುಖ್ಯ. ನಂಬಿಕೆ ಇಲ್ಲದ ಕಡೆ ಪ್ರೀತಿ ಇರಲು ಸಾಧ್ಯವಿಲ್ಲ. ಪರಸ್ಪರ ನಂಬಿಕೆ ಮತ್ತು ಗೌರವದಿಂದ ಬಾಳಿದರೆ ಯಾವುದೇ ಸಮಸ್ಯೆ ಬಂದರೂ ಎದುರಿಸಬಹುದು. ಇದು ಕೇವಲ ಗಂಡ ಹೆಂಡತಿಯ ಸಂಬಂಧಕ್ಕೆ ಮಾತ್ರವಲ್ಲ, ಎಲ್ಲಾ ಸಂಬಂಧಗಳಿಗೂ ಅನ್ವಯಿಸುತ್ತದೆ. ಮಾತಿನಲ್ಲಿ ಸಂಯಮ, ವರ್ತನೆಯಲ್ಲಿ ವಿನಯ ಇದ್ದರೆ ಸಂಬಂಧಗಳು ಚಿರಕಾಲ ಉಳಿಯುತ್ತವೆ.
ಕುಟುಂಬದ ಹಿರಿಯರ ಇಷ್ಟದ ಸಂಗತಿಗಳನ್ನು ಗಮನಿಸಿ ಹೊಂದಿಕೊಳ್ಳಬೇಕು. ನಂತರ ಯಾವ ಅಹಿತಕರ ಘಟನೆಯೂ ನಡೆಯುವುದಿಲ್ಲ. ಸಂಬಂಧಗಳು ಬೆಳೆಯಬೇಕಾದರೆ ಪರಸ್ಪರ ಅರ್ಥಮಾಡಿಕೊಳ್ಳುವಿಕೆ ಅಗತ್ಯ. ಹುಡುಗನು ಹುಡುಗಿಯ ಮನೆಯವರನ್ನು, ಹುಡುಗಿಯು ಹುಡುಗನ ಮನೆಯವರನ್ನು ತನ್ನವರೆಂದು ಸ್ವೀಕರಿಸಬೇಕು. ಕೆಲವು ಸಂದರ್ಭಗಳಲ್ಲಿ ಉದ್ಯೋಗದ ಕಾರಣದಿಂದ ದಂಪತಿಗಳು ಬೇರೆ ಊರಿನಲ್ಲಿ ವಾಸಿಸಬೇಕಾಗಬಹುದು. ಆಗಲೂ ಕುಟುಂಬದೊಂದಿಗೆ ಸಂಪರ್ಕದಲ್ಲಿರಬೇಕು. ಹಬ್ಬ ಹರಿದಿನಗಳಲ್ಲಿ ಒಟ್ಟಿಗೆ ಸೇರಿ ಸಂಭ್ರಮಿಸಬೇಕು. ಇದರಿಂದ ಸಂಬಂಧಗಳು ಗಟ್ಟಿಯಾಗುತ್ತವೆ. MBA ಮಾಡಿದ ಹುಡುಗ ಸಹ ತನ್ನ ಕುಟುಂಬದ ಮೌಲ್ಯಗಳನ್ನು ಮರೆಯಬಾರದು. ಇಂತಹ ಮೌಲ್ಯಗಳೇ ನಮ್ಮ ಸಂಸ್ಕೃತಿಯ ಅಡಿಪಾಯ. ಒಟ್ಟಿನಲ್ಲಿ ಸಂಬಂಧಗಳನ್ನು ಬೆಳೆಸಿಕೊಳ್ಳಲು ಪ್ರೀತಿ, ವಿಶ್ವಾಸ, ತಾಳ್ಮೆ, ಹೊಂದಾಣಿಕೆ ಅಗತ್ಯ. ಇವುಗಳನ್ನು ಅಳವಡಿಸಿಕೊಂಡರೆ ಬದುಕು ಸುಂದರವಾಗುತ್ತದೆ. ನೀವೇನಂತೀರಿ?
